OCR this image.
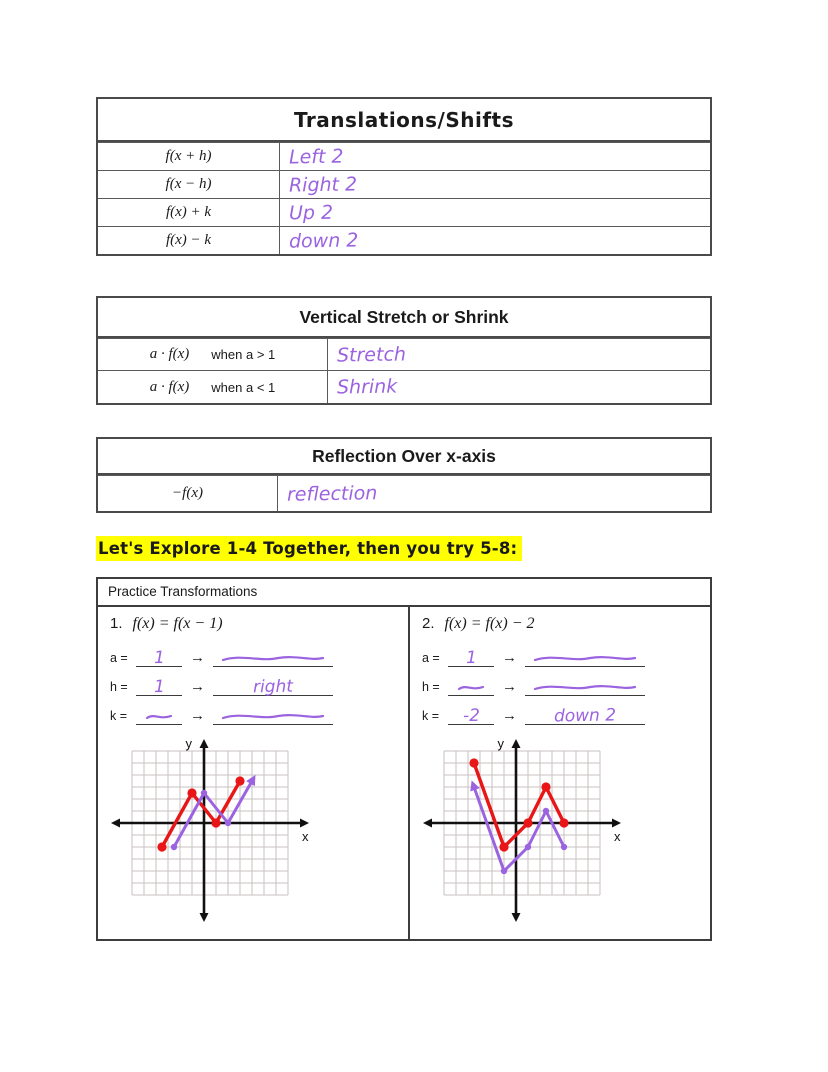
Translations/Shifts
f(x + h)	Left 2
f(x − h)	Right 2
f(x) + k	Up 2
f(x) − k	down 2
Vertical Stretch or Shrink
a · f(x) when a > 1	Stretch
a · f(x) when a < 1	Shrink
Reflection Over x-axis
−f(x)	reflection
Let's Explore 1-4 Together, then you try 5-8:
Practice Transformations
1. f(x) = f(x − 1)
a =	1 →
h =	1 →	right
k =	→
x
y
2. f(x) = f(x) − 2
a =	1 →
h =	→
k =	-2 → down 2
x
y
